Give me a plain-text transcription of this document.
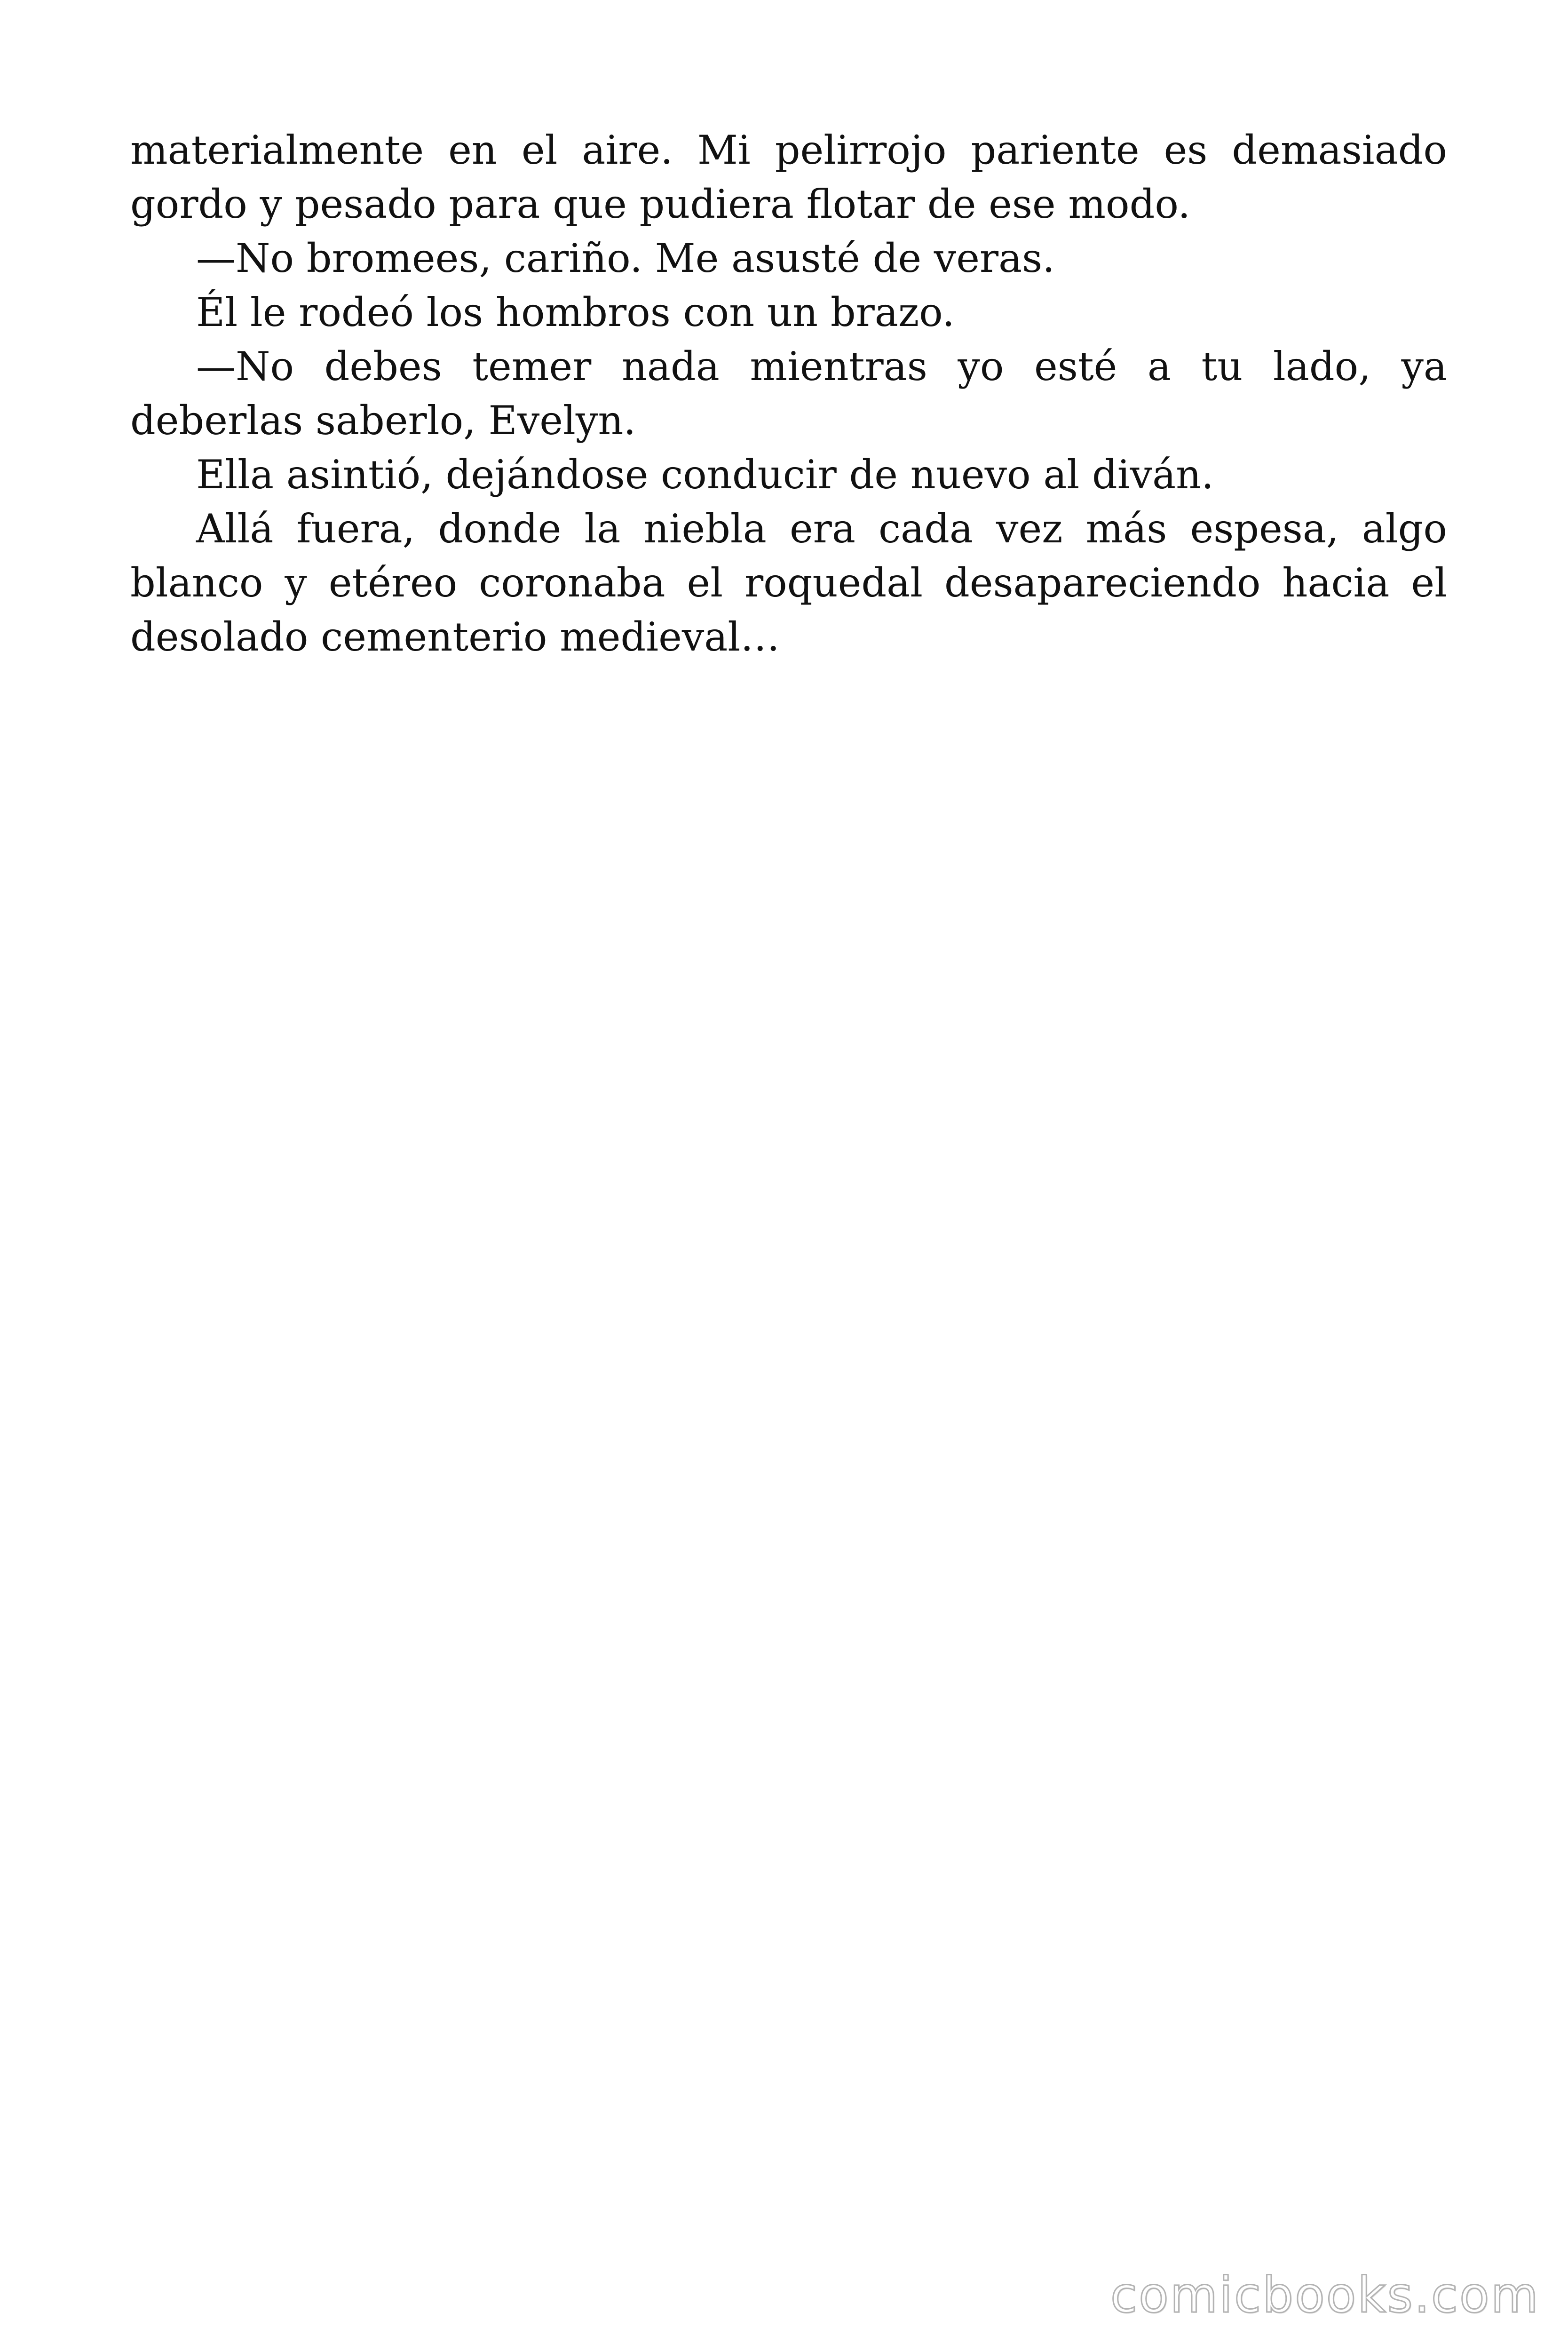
materialmente en el aire. Mi pelirrojo pariente es demasiado gordo y pesado para que pudiera flotar de ese modo.

—No bromees, cariño. Me asusté de veras.

Él le rodeó los hombros con un brazo.

—No debes temer nada mientras yo esté a tu lado, ya deberlas saberlo, Evelyn.

Ella asintió, dejándose conducir de nuevo al diván.

Allá fuera, donde la niebla era cada vez más espesa, algo blanco y etéreo coronaba el roquedal desapareciendo hacia el desolado cementerio medieval…

comicbooks.com
